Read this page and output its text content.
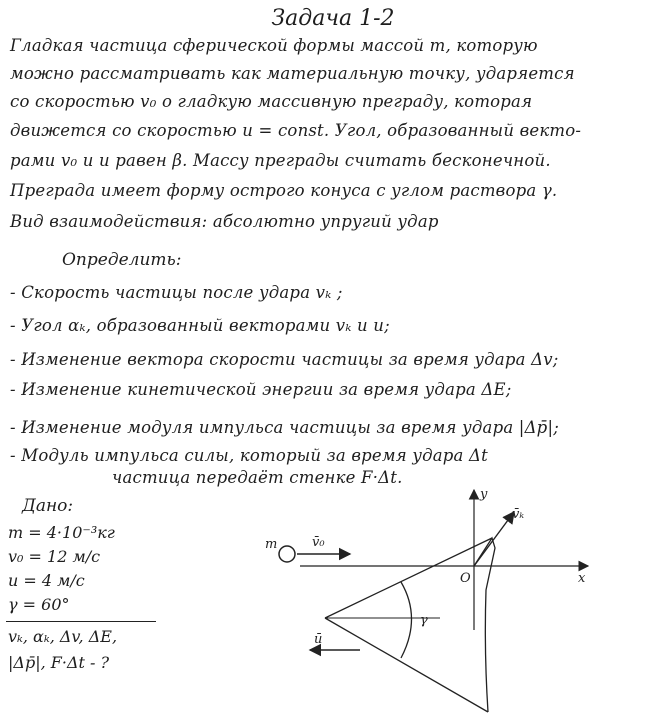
Задача 1-2
Гладкая частица сферической формы массой m, которую
можно рассматривать как материальную точку, ударяется
со скоростью v₀ о гладкую массивную преграду, которая
движется со скоростью u = const. Угол, образованный векто-
рами v₀ и u равен β. Массу преграды считать бесконечной.
Преграда имеет форму острого конуса с углом раствора γ.
Вид взаимодействия: абсолютно упругий удар
Определить:
- Скорость частицы после удара vₖ ;
- Угол αₖ, образованный векторами vₖ и u;
- Изменение вектора скорости частицы за время удара Δv;
- Изменение кинетической энергии за время удара ΔE;
- Изменение модуля импульса частицы за время удара |Δp̄|;
- Модуль импульса силы, который за время удара Δt
частица передаёт стенке F·Δt.
Дано:
m = 4·10⁻³кг
v₀ = 12 м/с
u = 4 м/с
γ = 60°
vₖ, αₖ, Δv, ΔE,
|Δp̄|, F·Δt - ?
m	v̄₀
x
y
v̄ₖ
γ
ū
O
